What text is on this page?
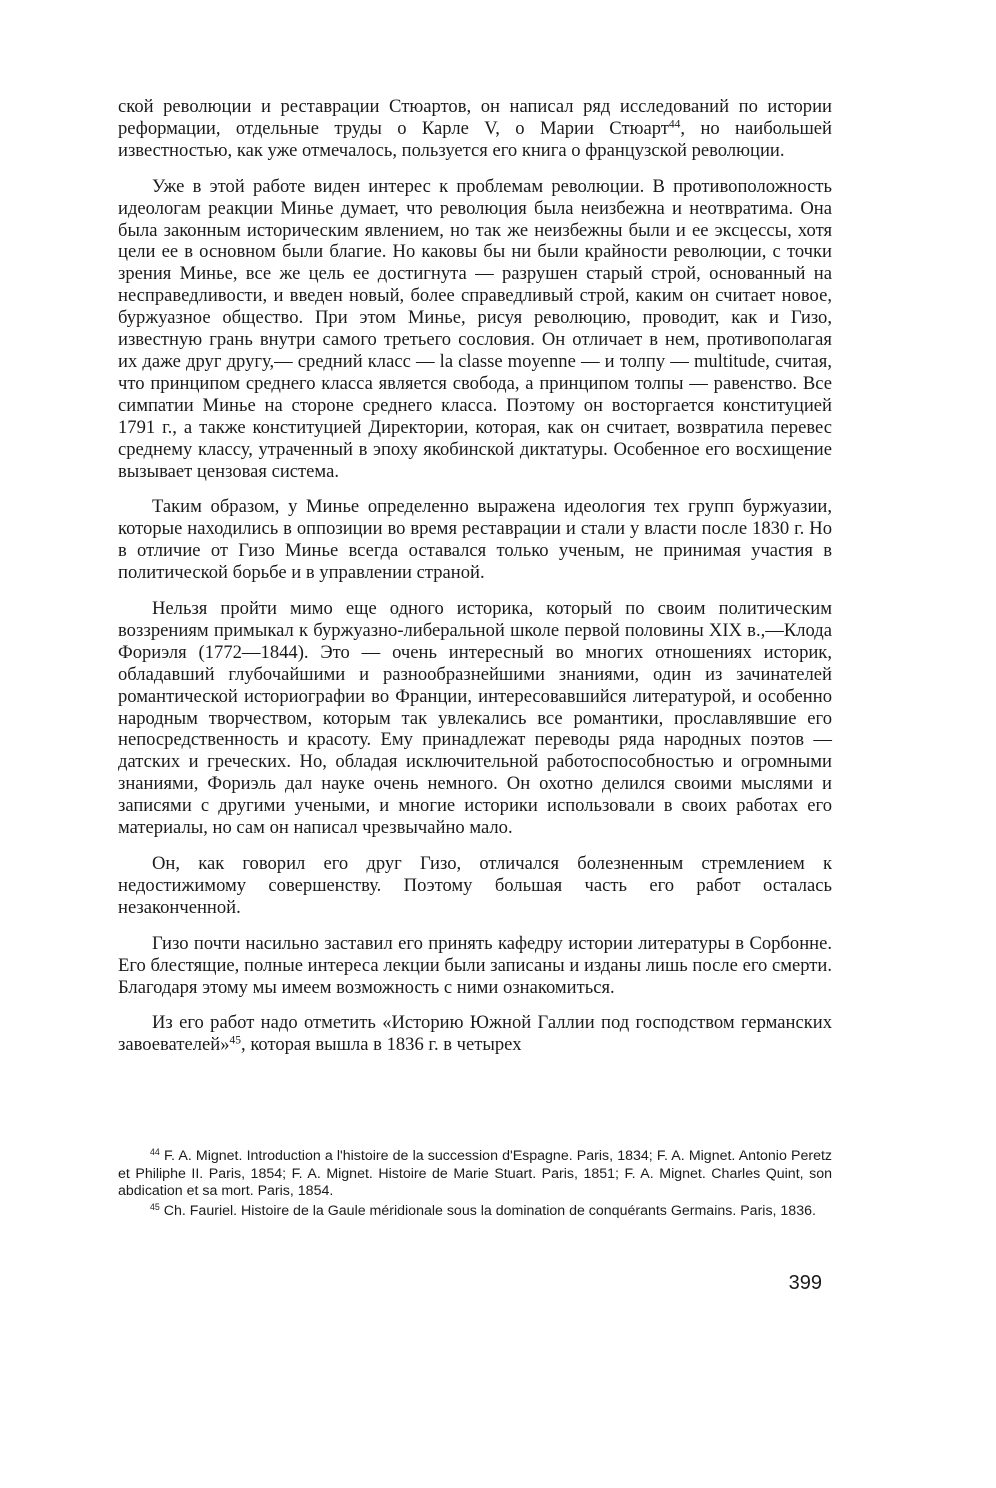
ской революции и реставрации Стюартов, он написал ряд исследований по истории реформации, отдельные труды о Карле V, о Марии Стюарт$^{44}$, но наибольшей известностью, как уже отмечалось, пользуется его книга о французской революции.

Уже в этой работе виден интерес к проблемам революции. В противоположность идеологам реакции Минье думает, что революция была неизбежна и неотвратима. Она была законным историческим явлением, но так же неизбежны были и ее эксцессы, хотя цели ее в основном были благие. Но каковы бы ни были крайности революции, с точки зрения Минье, все же цель ее достигнута — разрушен старый строй, основанный на несправедливости, и введен новый, более справедливый строй, каким он считает новое, буржуазное общество. При этом Минье, рисуя революцию, проводит, как и Гизо, известную грань внутри самого третьего сословия. Он отличает в нем, противополагая их даже друг другу,— средний класс — la classe moyenne — и толпу — multitude, считая, что принципом среднего класса является свобода, а принципом толпы — равенство. Все симпатии Минье на стороне среднего класса. Поэтому он восторгается конституцией 1791 г., а также конституцией Директории, которая, как он считает, возвратила перевес среднему классу, утраченный в эпоху якобинской диктатуры. Особенное его восхищение вызывает цензовая система.

Таким образом, у Минье определенно выражена идеология тех групп буржуазии, которые находились в оппозиции во время реставрации и стали у власти после 1830 г. Но в отличие от Гизо Минье всегда оставался только ученым, не принимая участия в политической борьбе и в управлении страной.

Нельзя пройти мимо еще одного историка, который по своим политическим воззрениям примыкал к буржуазно-либеральной школе первой половины XIX в.,—Клода Фориэля (1772—1844). Это — очень интересный во многих отношениях историк, обладавший глубочайшими и разнообразнейшими знаниями, один из зачинателей романтической историографии во Франции, интересовавшийся литературой, и особенно народным творчеством, которым так увлекались все романтики, прославлявшие его непосредственность и красоту. Ему принадлежат переводы ряда народных поэтов — датских и греческих. Но, обладая исключительной работоспособностью и огромными знаниями, Фориэль дал науке очень немного. Он охотно делился своими мыслями и записями с другими учеными, и многие историки использовали в своих работах его материалы, но сам он написал чрезвычайно мало.

Он, как говорил его друг Гизо, отличался болезненным стремлением к недостижимому совершенству. Поэтому большая часть его работ осталась незаконченной.

Гизо почти насильно заставил его принять кафедру истории литературы в Сорбонне. Его блестящие, полные интереса лекции были записаны и изданы лишь после его смерти. Благодаря этому мы имеем возможность с ними ознакомиться.

Из его работ надо отметить «Историю Южной Галлии под господством германских завоевателей»$^{45}$, которая вышла в 1836 г. в четырех

$^{44}$ F. A. Mignet. Introduction a l'histoire de la succession d'Espagne. Paris, 1834; F. A. Mignet. Antonio Peretz et Philiphe II. Paris, 1854; F. A. Mignet. Histoire de Marie Stuart. Paris, 1851; F. A. Mignet. Charles Quint, son abdication et sa mort. Paris, 1854.

$^{45}$ Ch. Fauriel. Histoire de la Gaule méridionale sous la domination de conquérants Germains. Paris, 1836.

399
